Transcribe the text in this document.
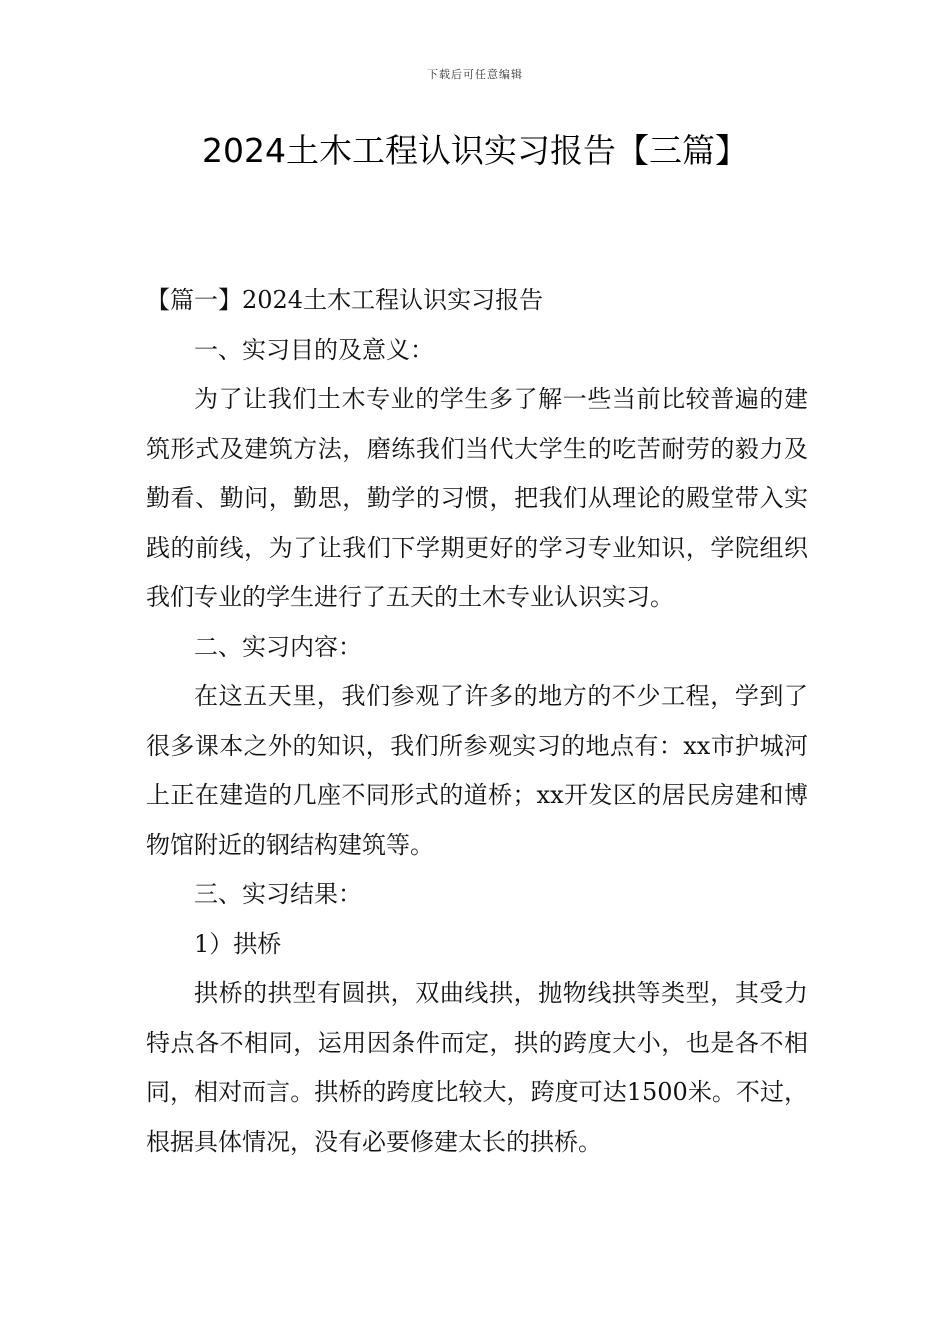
下载后可任意编辑
2024土木工程认识实习报告【三篇】

【篇一】2024土木工程认识实习报告

一、实习目的及意义：

为了让我们土木专业的学生多了解一些当前比较普遍的建筑形式及建筑方法，磨练我们当代大学生的吃苦耐劳的毅力及勤看、勤问，勤思，勤学的习惯，把我们从理论的殿堂带入实践的前线，为了让我们下学期更好的学习专业知识，学院组织我们专业的学生进行了五天的土木专业认识实习。

二、实习内容：

在这五天里，我们参观了许多的地方的不少工程，学到了很多课本之外的知识，我们所参观实习的地点有：xx市护城河上正在建造的几座不同形式的道桥；xx开发区的居民房建和博物馆附近的钢结构建筑等。

三、实习结果：

1）拱桥

拱桥的拱型有圆拱，双曲线拱，抛物线拱等类型，其受力特点各不相同，运用因条件而定，拱的跨度大小，也是各不相同，相对而言。拱桥的跨度比较大，跨度可达1500米。不过，根据具体情况，没有必要修建太长的拱桥。
